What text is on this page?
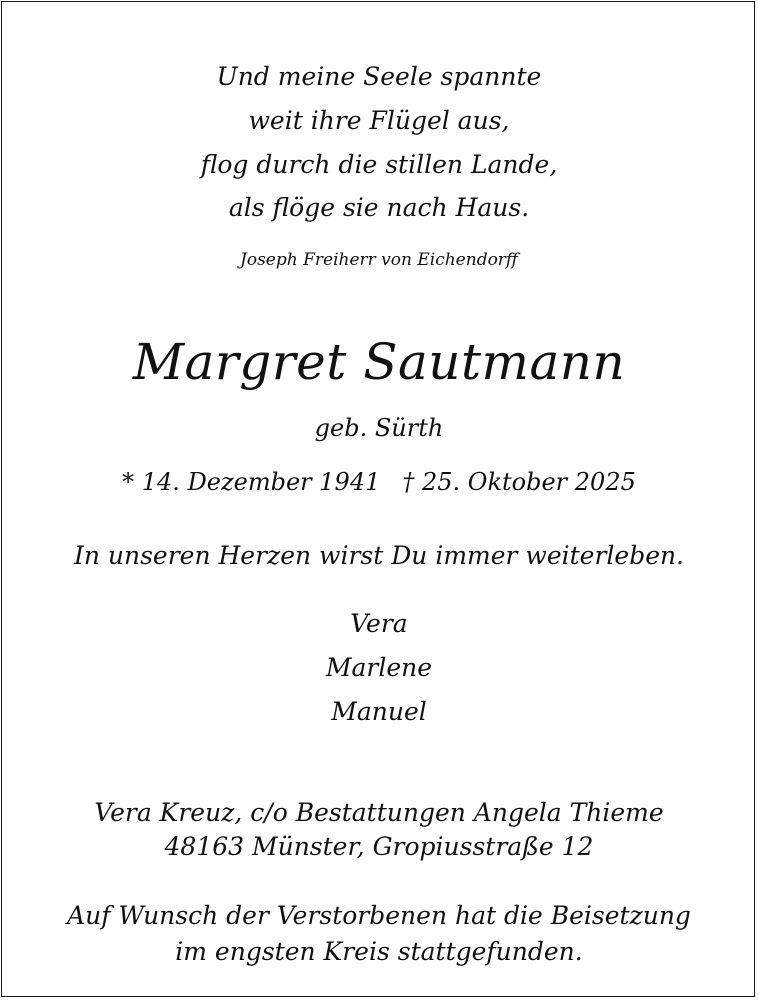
Und meine Seele spannte

weit ihre Flügel aus,

flog durch die stillen Lande,

als flöge sie nach Haus.

Joseph Freiherr von Eichendorff

Margret Sautmann

geb. Sürth

* 14. Dezember 1941 † 25. Oktober 2025

In unseren Herzen wirst Du immer weiterleben.

Vera

Marlene

Manuel

Vera Kreuz, c/o Bestattungen Angela Thieme

48163 Münster, Gropiusstraße 12

Auf Wunsch der Verstorbenen hat die Beisetzung

im engsten Kreis stattgefunden.
